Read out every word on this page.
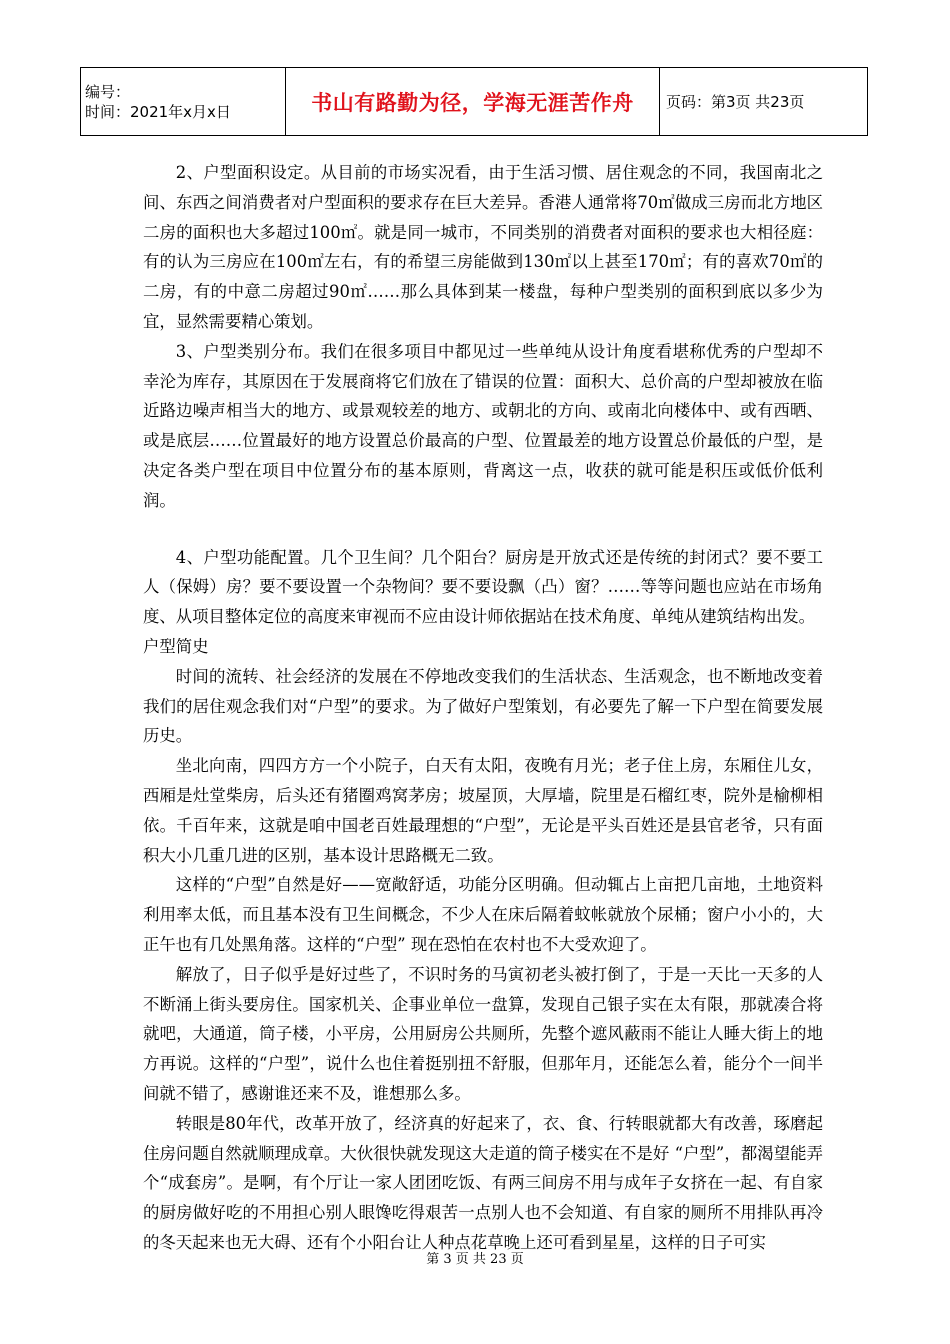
编号：
时间：2021年x月x日	书山有路勤为径，学海无涯苦作舟	页码：第3页 共23页

2、户型面积设定。从目前的市场实况看，由于生活习惯、居住观念的不同，我国南北之间、东西之间消费者对户型面积的要求存在巨大差异。香港人通常将70㎡做成三房而北方地区二房的面积也大多超过100㎡。就是同一城市，不同类别的消费者对面积的要求也大相径庭：有的认为三房应在100㎡左右，有的希望三房能做到130㎡以上甚至170㎡；有的喜欢70㎡的二房，有的中意二房超过90㎡……那么具体到某一楼盘，每种户型类别的面积到底以多少为宜，显然需要精心策划。

3、户型类别分布。我们在很多项目中都见过一些单纯从设计角度看堪称优秀的户型却不幸沦为库存，其原因在于发展商将它们放在了错误的位置：面积大、总价高的户型却被放在临近路边噪声相当大的地方、或景观较差的地方、或朝北的方向、或南北向楼体中、或有西晒、或是底层……位置最好的地方设置总价最高的户型、位置最差的地方设置总价最低的户型，是决定各类户型在项目中位置分布的基本原则，背离这一点，收获的就可能是积压或低价低利润。

4、户型功能配置。几个卫生间？几个阳台？厨房是开放式还是传统的封闭式？要不要工人（保姆）房？要不要设置一个杂物间？要不要设飘（凸）窗？……等等问题也应站在市场角度、从项目整体定位的高度来审视而不应由设计师依据站在技术角度、单纯从建筑结构出发。

户型简史

时间的流转、社会经济的发展在不停地改变我们的生活状态、生活观念，也不断地改变着我们的居住观念我们对“户型”的要求。为了做好户型策划，有必要先了解一下户型在简要发展历史。

坐北向南，四四方方一个小院子，白天有太阳，夜晚有月光；老子住上房，东厢住儿女，西厢是灶堂柴房，后头还有猪圈鸡窝茅房；坡屋顶，大厚墙，院里是石榴红枣，院外是榆柳相依。千百年来，这就是咱中国老百姓最理想的“户型”，无论是平头百姓还是县官老爷，只有面积大小几重几进的区别，基本设计思路概无二致。

这样的“户型”自然是好——宽敞舒适，功能分区明确。但动辄占上亩把几亩地，土地资料利用率太低，而且基本没有卫生间概念，不少人在床后隔着蚊帐就放个尿桶；窗户小小的，大正午也有几处黑角落。这样的“户型” 现在恐怕在农村也不大受欢迎了。

解放了，日子似乎是好过些了，不识时务的马寅初老头被打倒了，于是一天比一天多的人不断涌上街头要房住。国家机关、企事业单位一盘算，发现自己银子实在太有限，那就凑合将就吧，大通道，筒子楼，小平房，公用厨房公共厕所，先整个遮风蔽雨不能让人睡大街上的地方再说。这样的“户型”，说什么也住着挺别扭不舒服，但那年月，还能怎么着，能分个一间半间就不错了，感谢谁还来不及，谁想那么多。

转眼是80年代，改革开放了，经济真的好起来了，衣、食、行转眼就都大有改善，琢磨起住房问题自然就顺理成章。大伙很快就发现这大走道的筒子楼实在不是好 “户型”，都渴望能弄个“成套房”。是啊，有个厅让一家人团团吃饭、有两三间房不用与成年子女挤在一起、有自家的厨房做好吃的不用担心别人眼馋吃得艰苦一点别人也不会知道、有自家的厕所不用排队再冷的冬天起来也无大碍、还有个小阳台让人种点花草晚上还可看到星星，这样的日子可实

第 3 页 共 23 页
